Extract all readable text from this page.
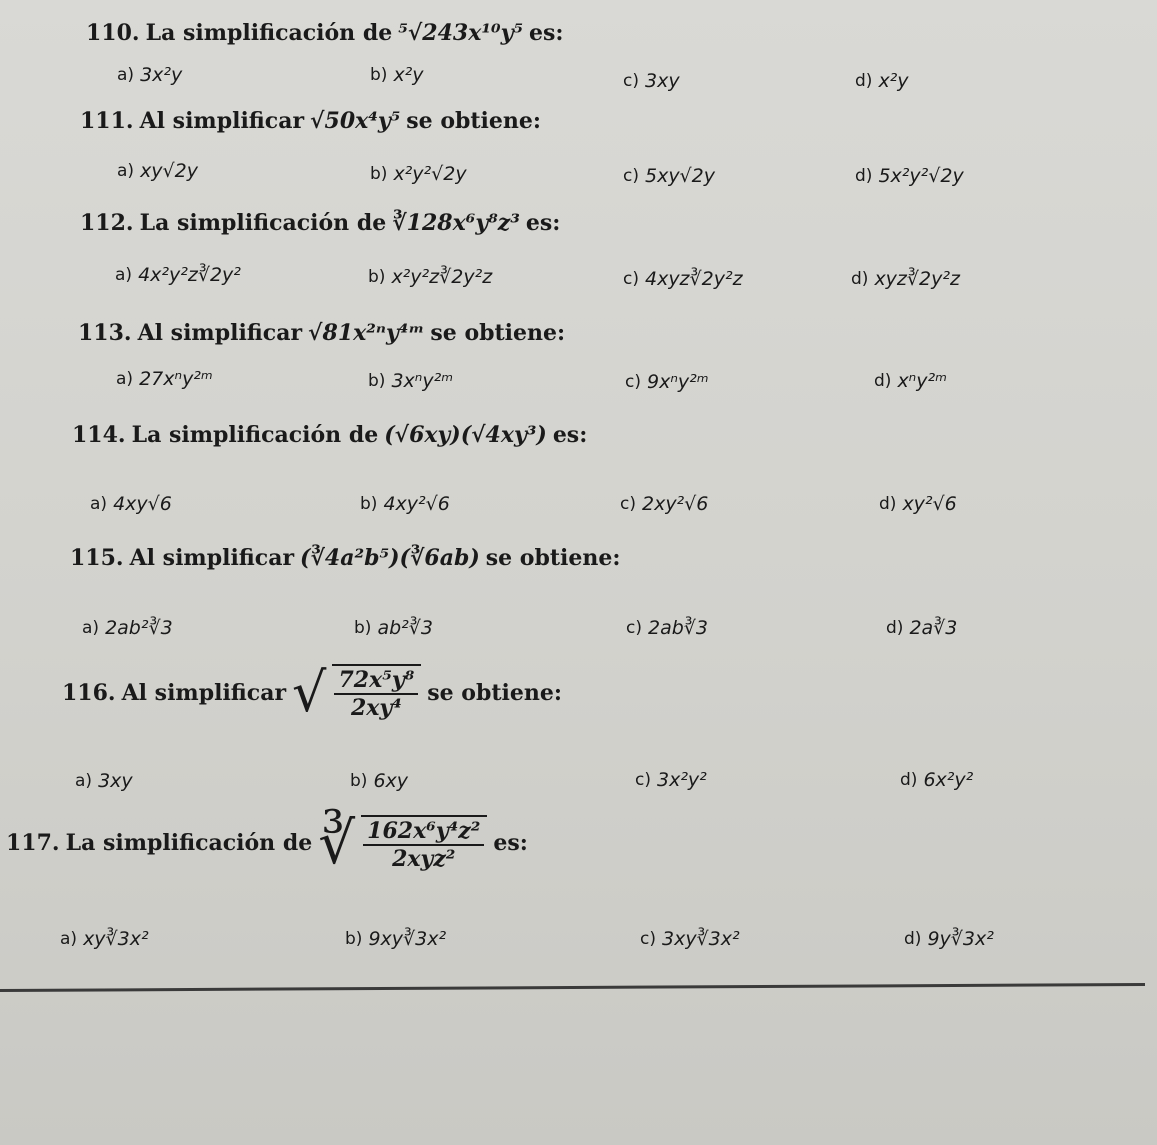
110. La simplificación de ⁵√243x¹⁰y⁵ es:
a) 3x²y	b) x²y	c) 3xy	d) x²y
111. Al simplificar √50x⁴y⁵ se obtiene:
a) xy√2y	b) x²y²√2y	c) 5xy√2y	d) 5x²y²√2y
112. La simplificación de ∛128x⁶y⁸z³ es:
a) 4x²y²z∛2y²	b) x²y²z∛2y²z	c) 4xyz∛2y²z	d) xyz∛2y²z
113. Al simplificar √81x²ⁿy⁴ᵐ se obtiene:
a) 27xⁿy²ᵐ	b) 3xⁿy²ᵐ	c) 9xⁿy²ᵐ	d) xⁿy²ᵐ
114. La simplificación de (√6xy)(√4xy³) es:
a) 4xy√6	b) 4xy²√6	c) 2xy²√6	d) xy²√6
115. Al simplificar (∛4a²b⁵)(∛6ab) se obtiene:
a) 2ab²∛3	b) ab²∛3	c) 2ab∛3	d) 2a∛3
116. Al simplificar √ $\frac{\text{72x⁵y⁸}}{\text{2xy⁴}}$ se obtiene:
a) 3xy	b) 6xy	c) 3x²y²	d) 6x²y²
117. La simplificación de ∛ $\frac{\text{162x⁶y⁴z²}}{\text{2xyz²}}$ es:
a) xy∛3x²	b) 9xy∛3x²	c) 3xy∛3x²	d) 9y∛3x²
